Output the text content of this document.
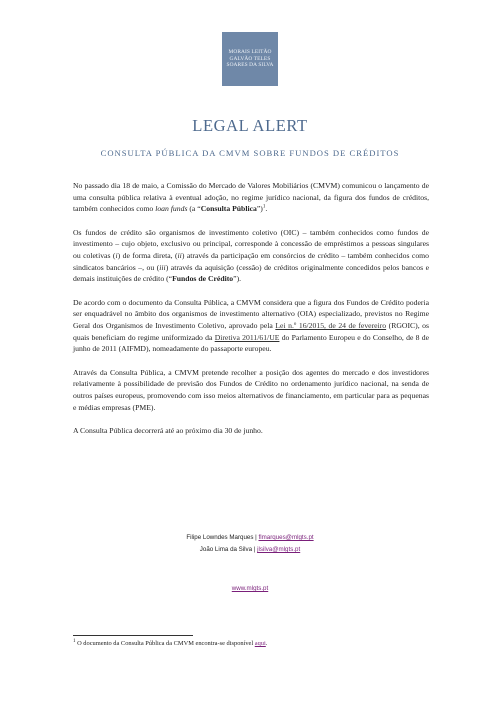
MORAIS LEITÃO
GALVÃO TELES
SOARES DA SILVA
LEGAL ALERT
CONSULTA PÚBLICA DA CMVM SOBRE FUNDOS DE CRÉDITOS

No passado dia 18 de maio, a Comissão do Mercado de Valores Mobiliários (CMVM) comunicou o lançamento de uma consulta pública relativa à eventual adoção, no regime jurídico nacional, da figura dos fundos de créditos, também conhecidos como loan funds (a “Consulta Pública”)$^1$.

Os fundos de crédito são organismos de investimento coletivo (OIC) – também conhecidos como fundos de investimento – cujo objeto, exclusivo ou principal, corresponde à concessão de empréstimos a pessoas singulares ou coletivas (i) de forma direta, (ii) através da participação em consórcios de crédito – também conhecidos como sindicatos bancários –, ou (iii) através da aquisição (cessão) de créditos originalmente concedidos pelos bancos e demais instituições de crédito (“Fundos de Crédito”).

De acordo com o documento da Consulta Pública, a CMVM considera que a figura dos Fundos de Crédito poderia ser enquadrável no âmbito dos organismos de investimento alternativo (OIA) especializado, previstos no Regime Geral dos Organismos de Investimento Coletivo, aprovado pela Lei n.º 16/2015, de 24 de fevereiro (RGOIC), os quais beneficiam do regime uniformizado da Diretiva 2011/61/UE do Parlamento Europeu e do Conselho, de 8 de junho de 2011 (AIFMD), nomeadamente do passaporte europeu.

Através da Consulta Pública, a CMVM pretende recolher a posição dos agentes do mercado e dos investidores relativamente à possibilidade de previsão dos Fundos de Crédito no ordenamento jurídico nacional, na senda de outros países europeus, promovendo com isso meios alternativos de financiamento, em particular para as pequenas e médias empresas (PME).

A Consulta Pública decorrerá até ao próximo dia 30 de junho.

Filipe Lowndes Marques | flmarques@mlgts.pt
João Lima da Silva | jlsilva@mlgts.pt
www.mlgts.pt
$^1$ O documento da Consulta Pública da CMVM encontra-se disponível aqui.
